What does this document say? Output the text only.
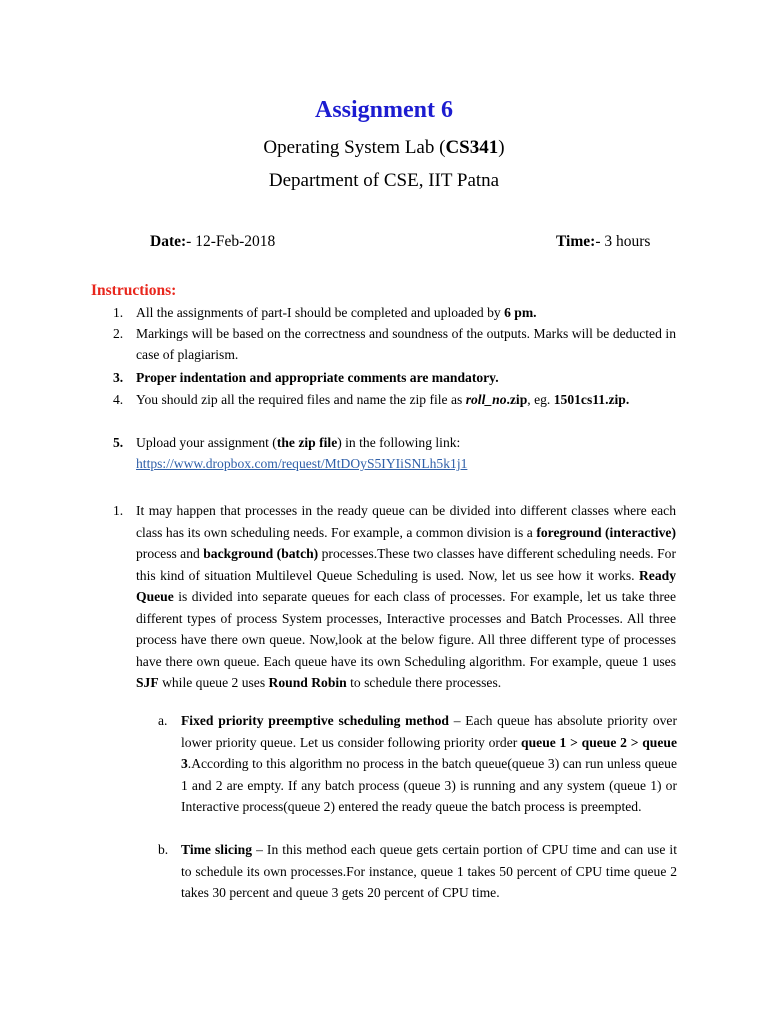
Assignment 6
Operating System Lab (CS341)
Department of CSE, IIT Patna
Date:- 12-Feb-2018	Time:- 3 hours
Instructions:
1. All the assignments of part-I should be completed and uploaded by 6 pm.
2. Markings will be based on the correctness and soundness of the outputs. Marks will be deducted in case of plagiarism.
3. Proper indentation and appropriate comments are mandatory.
4. You should zip all the required files and name the zip file as roll_no.zip, eg. 1501cs11.zip.
5. Upload your assignment (the zip file) in the following link:
https://www.dropbox.com/request/MtDOyS5IYIiSNLh5k1j1
1. It may happen that processes in the ready queue can be divided into different classes where each class has its own scheduling needs. For example, a common division is a foreground (interactive) process and background (batch) processes.These two classes have different scheduling needs. For this kind of situation Multilevel Queue Scheduling is used. Now, let us see how it works. Ready Queue is divided into separate queues for each class of processes. For example, let us take three different types of process System processes, Interactive processes and Batch Processes. All three process have there own queue. Now,look at the below figure. All three different type of processes have there own queue. Each queue have its own Scheduling algorithm. For example, queue 1 uses SJF while queue 2 uses Round Robin to schedule there processes.
a. Fixed priority preemptive scheduling method – Each queue has absolute priority over lower priority queue. Let us consider following priority order queue 1 > queue 2 > queue 3.According to this algorithm no process in the batch queue(queue 3) can run unless queue 1 and 2 are empty. If any batch process (queue 3) is running and any system (queue 1) or Interactive process(queue 2) entered the ready queue the batch process is preempted.
b. Time slicing – In this method each queue gets certain portion of CPU time and can use it to schedule its own processes.For instance, queue 1 takes 50 percent of CPU time queue 2 takes 30 percent and queue 3 gets 20 percent of CPU time.
